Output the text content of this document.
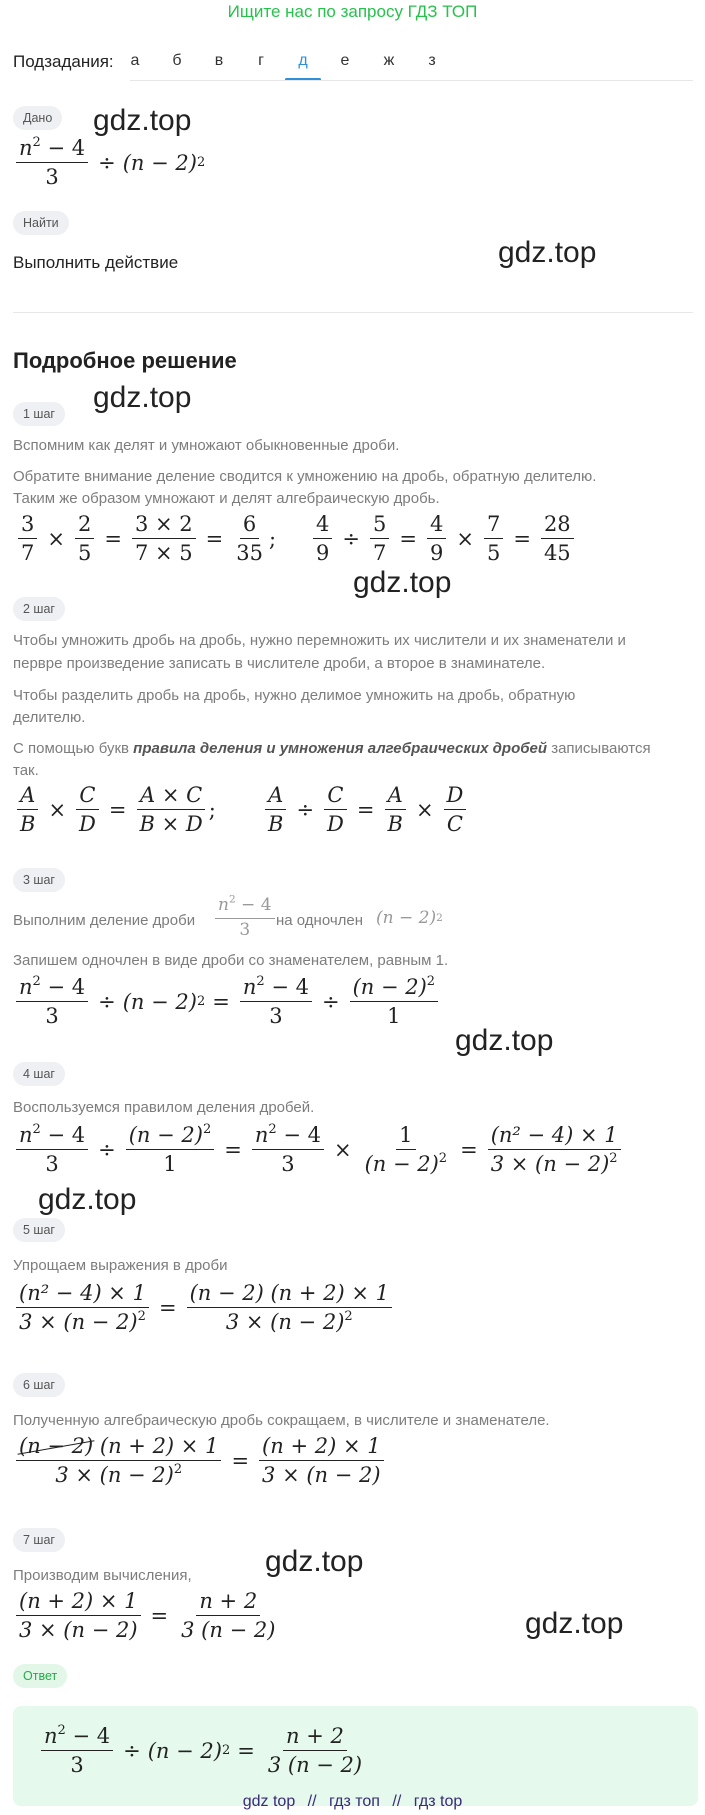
Ищите нас по запросу ГДЗ ТОП
Подзадания:	а	б	в	г	д	е	ж	з
Дано	gdz.top
$\frac{n^2 - 4}{3} \div (n - 2)$ 2
Найти
Выполнить действие	gdz.top
Подробное решение
gdz.top
1 шаг
Вспомним как делят и умножают обыкновенные дроби.
Обратите внимание деление сводится к умножению на дробь, обратную делителю.
Таким же образом умножают и делят алгебраическую дробь.
$\frac{3}{7} \times \frac{2}{5} = \frac{3 \times 2}{7 \times 5} = \frac{6}{35}$ ; $\frac{4}{9} \div \frac{5}{7} = \frac{4}{9} \times \frac{7}{5} = \frac{28}{45}$
gdz.top
2 шаг
Чтобы умножить дробь на дробь, нужно перемножить их числители и их знаменатели и
первре произведение записать в числителе дроби, а второе в знаминателе.
Чтобы разделить дробь на дробь, нужно делимое умножить на дробь, обратную
делителю.
С помощью букв правила деления и умножения алгебраических дробей записываются
так.
$\frac{A}{B} \times \frac{C}{D} = \frac{A \times C}{B \times D}$ ; $\frac{A}{B} \div \frac{C}{D} = \frac{A}{B} \times \frac{D}{C}$
3 шаг
Выполним деление дроби $\frac{n^2 - 4}{3}$ на одночлен (n − 2) 2
Запишем одночлен в виде дроби со знаменателем, равным 1.
$\frac{n^2 - 4}{3} \div (n - 2) 2 = \frac{n^2 - 4}{3} \div \frac{(n - 2)^2}{1}$
gdz.top
4 шаг
Воспользуемся правилом деления дробей.
$\frac{n^2 - 4}{3} \div \frac{(n - 2)^2}{1} = \frac{n^2 - 4}{3} \times \frac{1}{(n - 2)^2} = \frac{\text{(n² − 4) × 1}}{3 \times (n - 2)^2}$
gdz.top
5 шаг
Упрощаем выражения в дроби
$\frac{\text{(n² − 4) × 1}}{3 \times (n - 2)^2} = \frac{(n - 2) (n + 2) \times 1}{3 \times (n - 2)^2}$
6 шаг
Полученную алгебраическую дробь сокращаем, в числителе и знаменателе.
$\frac{(n - 2) (n + 2) \times 1}{3 \times (n - 2)^2} = \frac{(n + 2) \times 1}{3 \times (n - 2)}$
7 шаг
gdz.top
Производим вычисления,
$\frac{(n + 2) \times 1}{3 \times (n - 2)} = \frac{n + 2}{3 (n - 2)}$	gdz.top
Ответ
$\frac{n^2 - 4}{3} \div (n - 2) 2 = \frac{n + 2}{3 (n - 2)}$
gdz top // гдз топ // гдз top
